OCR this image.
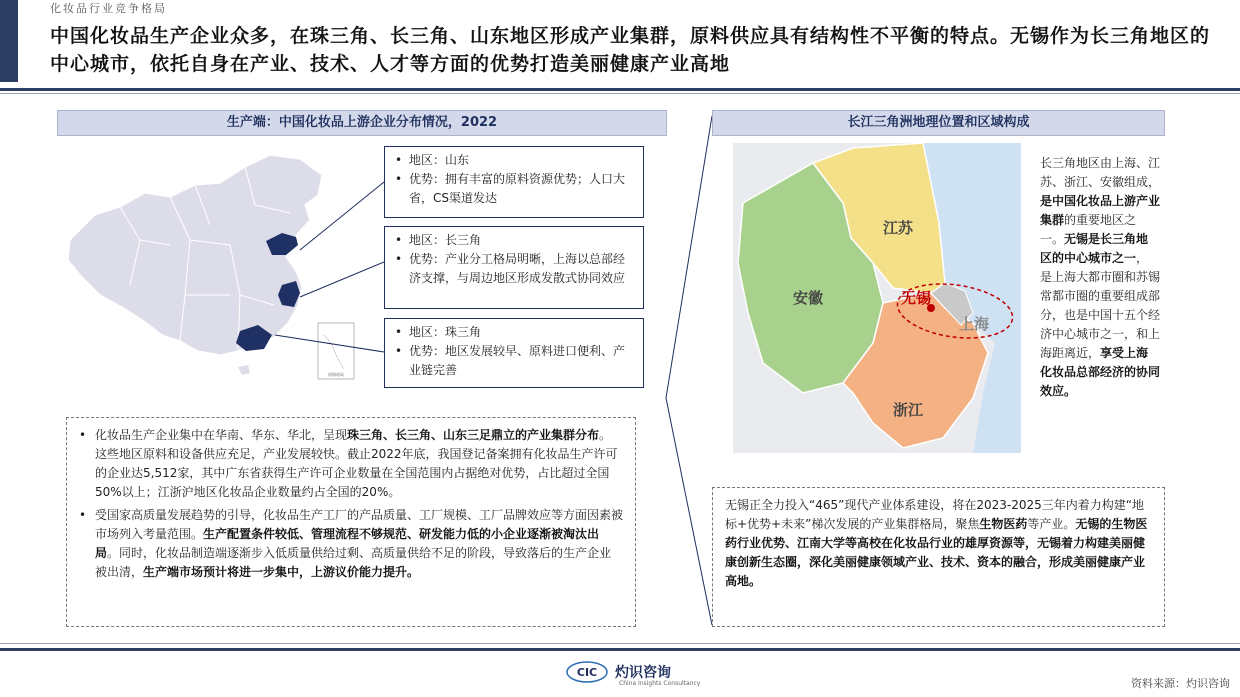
化妆品行业竞争格局
中国化妆品生产企业众多，在珠三角、长三角、山东地区形成产业集群，原料供应具有结构性不平衡的特点。无锡作为长三角地区的中心城市，依托自身在产业、技术、人才等方面的优势打造美丽健康产业高地
生产端：中国化妆品上游企业分布情况，2022
南海诸岛
• 地区：山东
• 优势：拥有丰富的原料资源优势；人口大省，CS渠道发达
• 地区：长三角
• 优势：产业分工格局明晰，上海以总部经济支撑，与周边地区形成发散式协同效应
• 地区：珠三角
• 优势：地区发展较早、原料进口便利、产业链完善
• 化妆品生产企业集中在华南、华东、华北，呈现珠三角、长三角、山东三足鼎立的产业集群分布。这些地区原料和设备供应充足，产业发展较快。截止2022年底，我国登记备案拥有化妆品生产许可的企业达5,512家，其中广东省获得生产许可企业数量在全国范围内占据绝对优势，占比超过全国50%以上；江浙沪地区化妆品企业数量约占全国的20%。
• 受国家高质量发展趋势的引导，化妆品生产工厂的产品质量、工厂规模、工厂品牌效应等方面因素被市场列入考量范围。生产配置条件较低、管理流程不够规范、研发能力低的小企业逐渐被淘汰出局。同时，化妆品制造端逐渐步入低质量供给过剩、高质量供给不足的阶段，导致落后的生产企业被出清，生产端市场预计将进一步集中，上游议价能力提升。
长江三角洲地理位置和区域构成
江苏
安徽
浙江
上海
无锡
长三角地区由上海、江苏、浙江、安徽组成，是中国化妆品上游产业集群的重要地区之一。无锡是长三角地区的中心城市之一，是上海大都市圈和苏锡常都市圈的重要组成部分，也是中国十五个经济中心城市之一，和上海距离近，享受上海化妆品总部经济的协同效应。
无锡正全力投入“465”现代产业体系建设，将在2023-2025三年内着力构建“地标+优势+未来”梯次发展的产业集群格局，聚焦生物医药等产业。无锡的生物医药行业优势、江南大学等高校在化妆品行业的雄厚资源等，无锡着力构建美丽健康创新生态圈，深化美丽健康领域产业、技术、资本的融合，形成美丽健康产业高地。
CIC 灼识咨询
China Insights Consultancy	资料来源：灼识咨询
